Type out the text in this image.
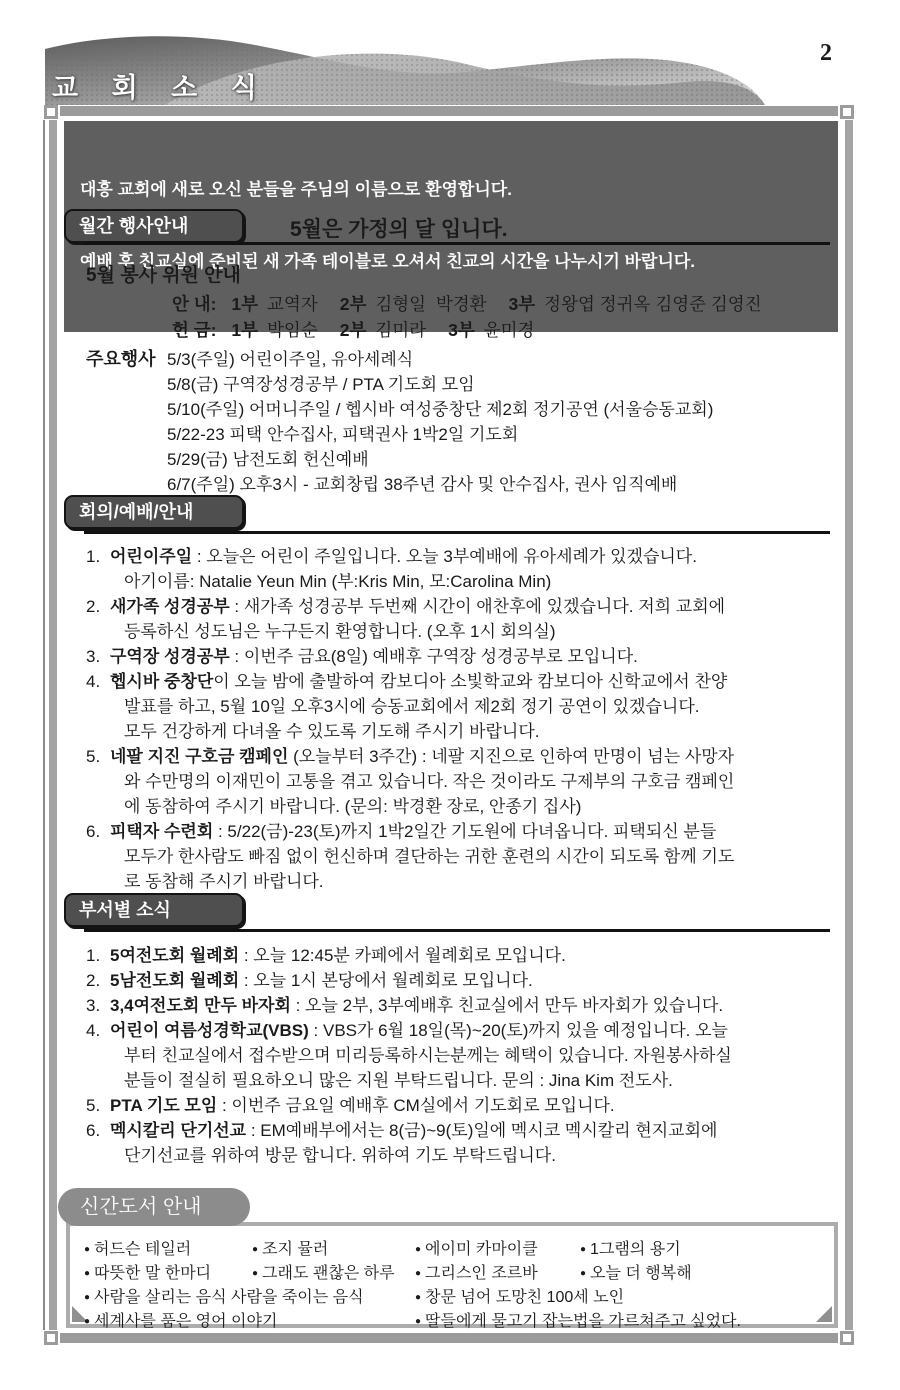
교 회 소 식
2

대흥 교회에 새로 오신 분들을 주님의 이름으로 환영합니다.

예배 후 친교실에 준비된 새 가족 테이블로 오셔서 친교의 시간을 나누시기 바랍니다.

월간 행사안내	5월은 가정의 달 입니다.
5월 봉사 위원 안내
안 내: 1부 교역자 2부 김형일  박경환 3부 정왕엽 정귀옥 김영준 김영진
헌 금: 1부 박임순 2부 김미라 3부 윤미경
주요행사 5/3(주일) 어린이주일, 유아세례식
5/8(금) 구역장성경공부 / PTA 기도회 모임
5/10(주일) 어머니주일 / 헵시바 여성중창단 제2회 정기공연 (서울승동교회)
5/22-23 피택 안수집사, 피택권사 1박2일 기도회
5/29(금) 남전도회 헌신예배
6/7(주일) 오후3시 - 교회창립 38주년 감사 및 안수집사, 권사 임직예배
회의/예배/안내
1. 어린이주일 : 오늘은 어린이 주일입니다. 오늘 3부예배에 유아세례가 있겠습니다.
아기이름: Natalie Yeun Min (부:Kris Min, 모:Carolina Min)
2. 새가족 성경공부 : 새가족 성경공부 두번째 시간이 애찬후에 있겠습니다. 저희 교회에
등록하신 성도님은 누구든지 환영합니다. (오후 1시 회의실)
3. 구역장 성경공부 : 이번주 금요(8일) 예배후 구역장 성경공부로 모입니다.
4. 헵시바 중창단이 오늘 밤에 출발하여 캄보디아 소빛학교와 캄보디아 신학교에서 찬양
발표를 하고, 5월 10일 오후3시에 승동교회에서 제2회 정기 공연이 있겠습니다.
모두 건강하게 다녀올 수 있도록 기도해 주시기 바랍니다.
5. 네팔 지진 구호금 캠페인 (오늘부터 3주간) : 네팔 지진으로 인하여 만명이 넘는 사망자
와 수만명의 이재민이 고통을 겪고 있습니다. 작은 것이라도 구제부의 구호금 캠페인
에 동참하여 주시기 바랍니다. (문의: 박경환 장로, 안종기 집사)
6. 피택자 수련회 : 5/22(금)-23(토)까지 1박2일간 기도원에 다녀옵니다. 피택되신 분들
모두가 한사람도 빠짐 없이 헌신하며 결단하는 귀한 훈련의 시간이 되도록 함께 기도
로 동참해 주시기 바랍니다.
부서별 소식
1. 5여전도회 월례회 : 오늘 12:45분 카페에서 월례회로 모입니다.
2. 5남전도회 월례회 : 오늘 1시 본당에서 월례회로 모입니다.
3. 3,4여전도회 만두 바자회 : 오늘 2부, 3부예배후 친교실에서 만두 바자회가 있습니다.
4. 어린이 여름성경학교(VBS) : VBS가 6월 18일(목)~20(토)까지 있을 예정입니다. 오늘
부터 친교실에서 접수받으며 미리등록하시는분께는 혜택이 있습니다. 자원봉사하실
분들이 절실히 필요하오니 많은 지원 부탁드립니다. 문의 : Jina Kim 전도사.
5. PTA 기도 모임 : 이번주 금요일 예배후 CM실에서 기도회로 모입니다.
6. 멕시칼리 단기선교 : EM예배부에서는 8(금)~9(토)일에 멕시코 멕시칼리 현지교회에
단기선교를 위하여 방문 합니다. 위하여 기도 부탁드립니다.
신간도서 안내
● 허드슨 테일러	● 조지 뮬러	● 에이미 카마이클	● 1그램의 용기
● 따뜻한 말 한마디	● 그래도 괜찮은 하루	● 그리스인 조르바	● 오늘 더 행복해
● 사람을 살리는 음식 사람을 죽이는 음식	● 창문 넘어 도망친 100세 노인
● 세계사를 품은 영어 이야기	● 딸들에게 물고기 잡는법을 가르쳐주고 싶었다.
